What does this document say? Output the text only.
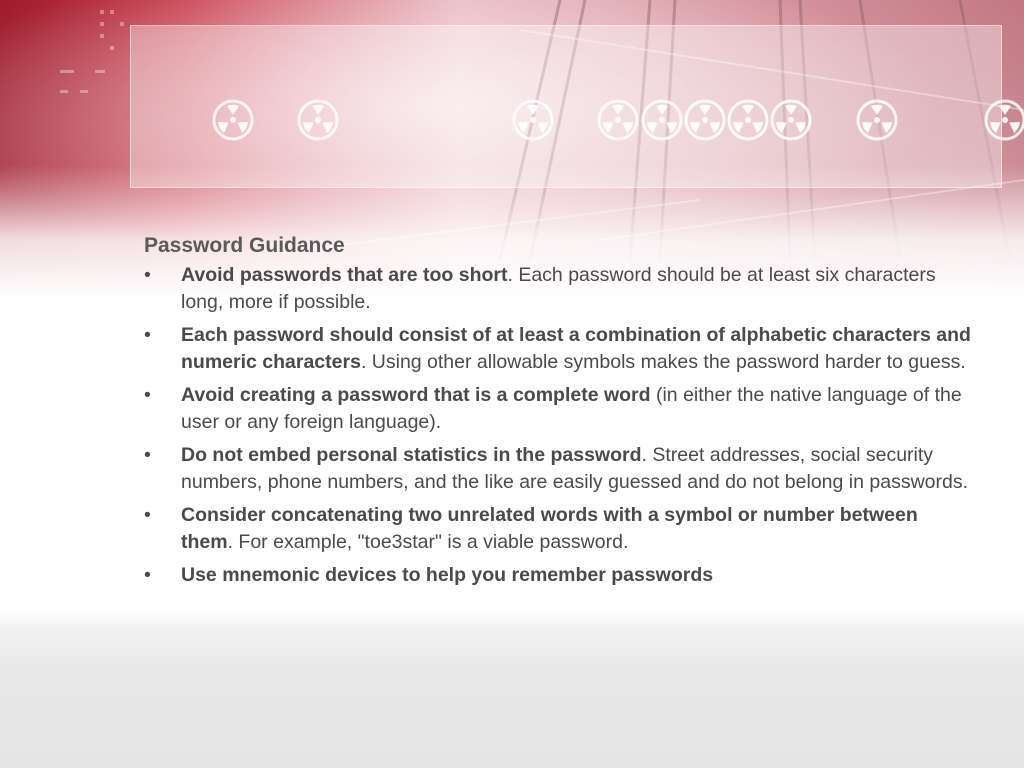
Password Guidance
•	Avoid passwords that are too short. Each password should be at least six characters long, more if possible.
•	Each password should consist of at least a combination of alphabetic characters and numeric characters. Using other allowable symbols makes the password harder to guess.
•	Avoid creating a password that is a complete word (in either the native language of the user or any foreign language).
•	Do not embed personal statistics in the password. Street addresses, social security numbers, phone numbers, and the like are easily guessed and do not belong in passwords.
•	Consider concatenating two unrelated words with a symbol or number between them. For example, "toe3star" is a viable password.
•	Use mnemonic devices to help you remember passwords
